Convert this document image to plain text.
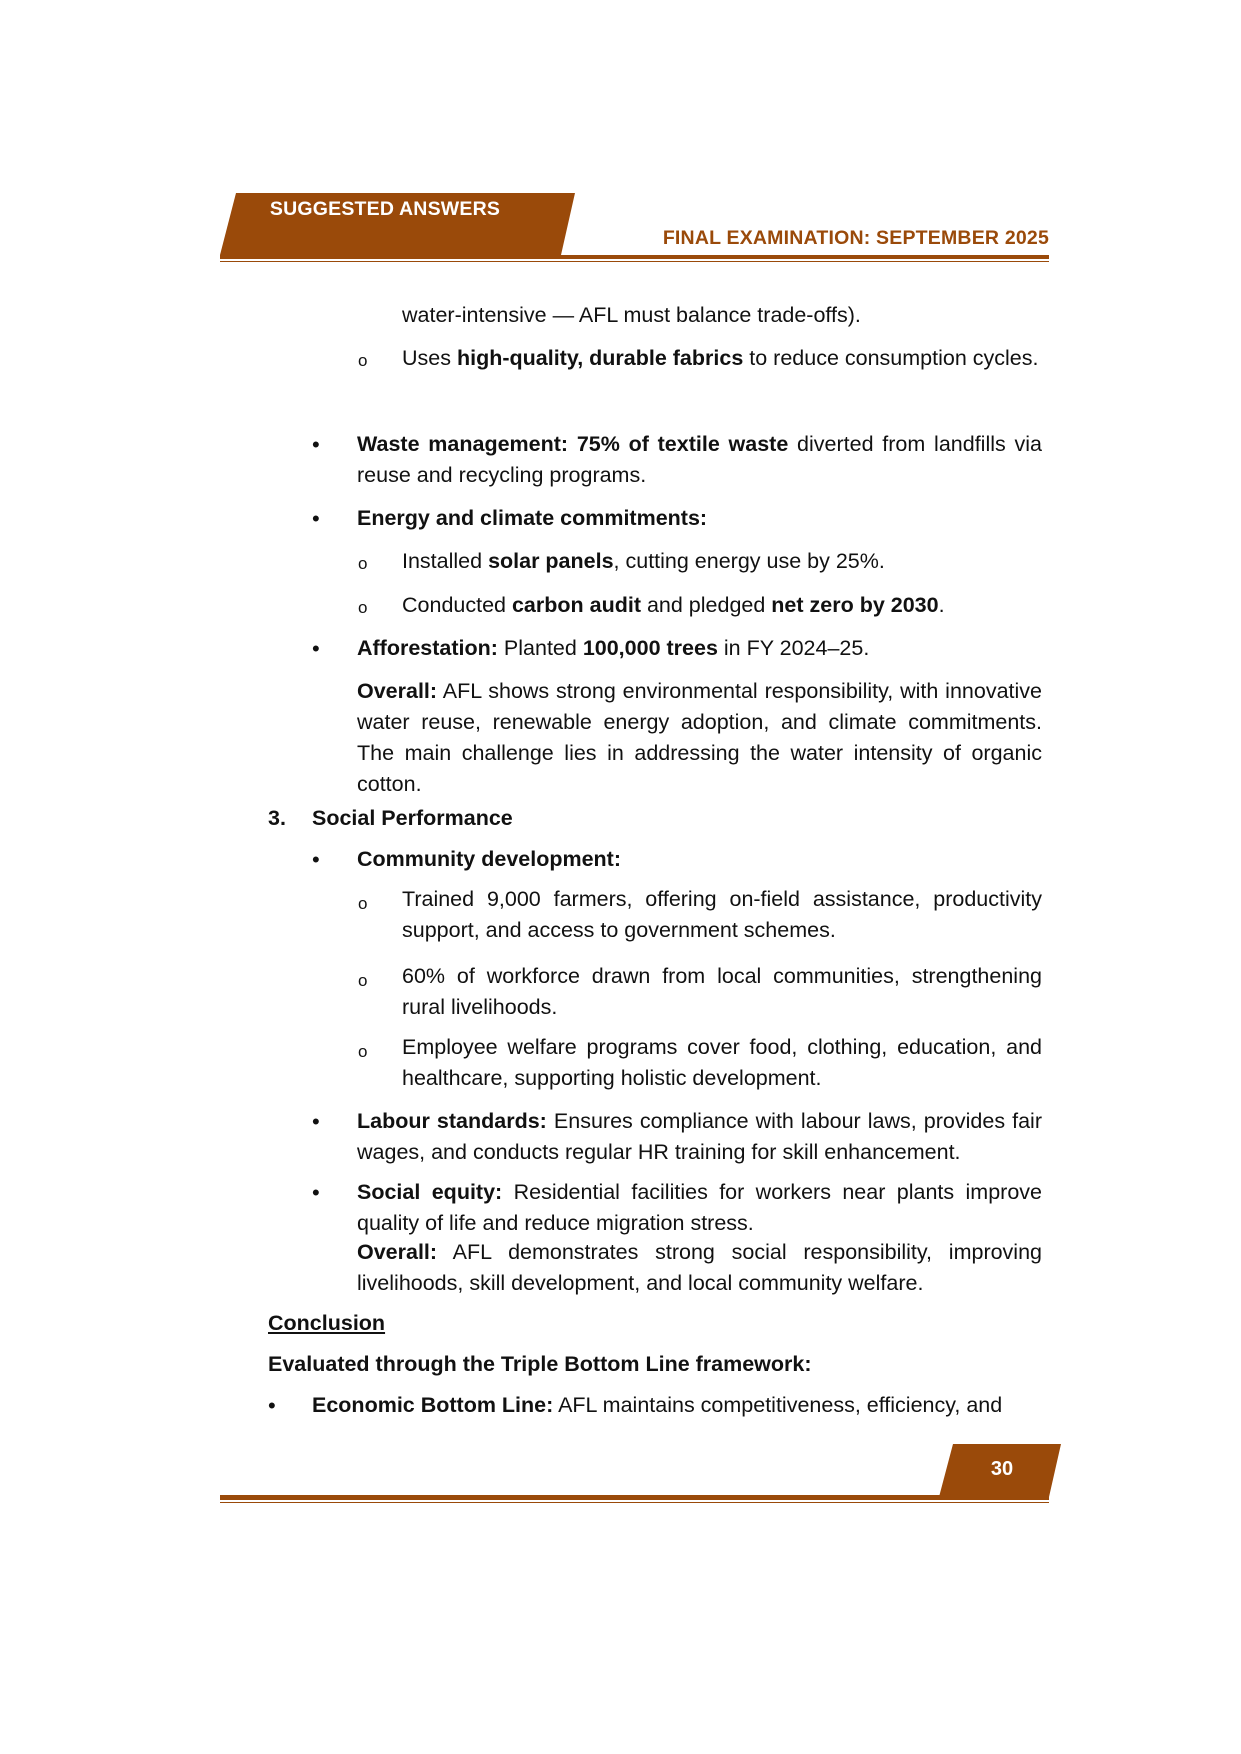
SUGGESTED ANSWERS
FINAL EXAMINATION: SEPTEMBER 2025
water-intensive — AFL must balance trade-offs).
o Uses high-quality, durable fabrics to reduce consumption cycles.
• Waste management: 75% of textile waste diverted from landfills via reuse and recycling programs.
• Energy and climate commitments:
o Installed solar panels, cutting energy use by 25%.
o Conducted carbon audit and pledged net zero by 2030.
• Afforestation: Planted 100,000 trees in FY 2024–25.
Overall: AFL shows strong environmental responsibility, with innovative water reuse, renewable energy adoption, and climate commitments. The main challenge lies in addressing the water intensity of organic cotton.
3. Social Performance
• Community development:
o Trained 9,000 farmers, offering on-field assistance, productivity support, and access to government schemes.
o 60% of workforce drawn from local communities, strengthening rural livelihoods.
o Employee welfare programs cover food, clothing, education, and healthcare, supporting holistic development.
• Labour standards: Ensures compliance with labour laws, provides fair wages, and conducts regular HR training for skill enhancement.
• Social equity: Residential facilities for workers near plants improve quality of life and reduce migration stress.
Overall: AFL demonstrates strong social responsibility, improving livelihoods, skill development, and local community welfare.
Conclusion
Evaluated through the Triple Bottom Line framework:
• Economic Bottom Line: AFL maintains competitiveness, efficiency, and
30
